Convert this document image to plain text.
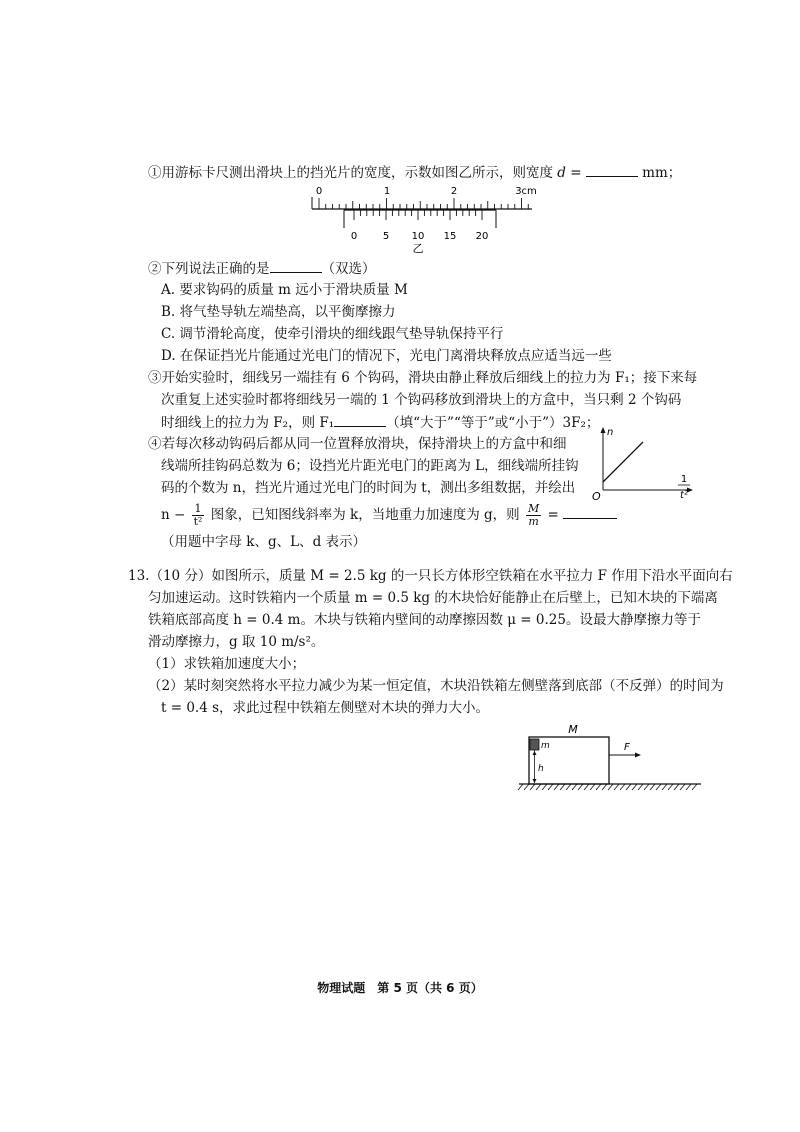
①用游标卡尺测出滑块上的挡光片的宽度，示数如图乙所示，则宽度 d =	mm；
0	1	2	3cm
0	5 10 15 20
乙
②下列说法正确的是	（双选）
A. 要求钩码的质量 m 远小于滑块质量 M
B. 将气垫导轨左端垫高，以平衡摩擦力
C. 调节滑轮高度，使牵引滑块的细线跟气垫导轨保持平行
D. 在保证挡光片能通过光电门的情况下，光电门离滑块释放点应适当远一些
③开始实验时，细线另一端挂有 6 个钩码，滑块由静止释放后细线上的拉力为 F₁；接下来每
次重复上述实验时都将细线另一端的 1 个钩码移放到滑块上的方盒中，当只剩 2 个钩码
时细线上的拉力为 F₂，则 F₁	（填“大于”“等于”或“小于”）3F₂；
④若每次移动钩码后都从同一位置释放滑块，保持滑块上的方盒中和细
线端所挂钩码总数为 6；设挡光片距光电门的距离为 L，细线端所挂钩
码的个数为 n，挡光片通过光电门的时间为 t，测出多组数据，并绘出
$n - \frac{1}{\text{t²}}$ 图象，已知图线斜率为 k，当地重力加速度为 g，则 $\frac{M}{m}$ =
（用题中字母 k、g、L、d 表示）
n
O
1
t²
13.（10 分）如图所示，质量 M = 2.5 kg 的一只长方体形空铁箱在水平拉力 F 作用下沿水平面向右
匀加速运动。这时铁箱内一个质量 m = 0.5 kg 的木块恰好能静止在后壁上，已知木块的下端离
铁箱底部高度 h = 0.4 m。木块与铁箱内壁间的动摩擦因数 μ = 0.25。设最大静摩擦力等于
滑动摩擦力，g 取 10 m/s²。
（1）求铁箱加速度大小；
（2）某时刻突然将水平拉力减少为某一恒定值，木块沿铁箱左侧壁落到底部（不反弹）的时间为
t = 0.4 s，求此过程中铁箱左侧壁对木块的弹力大小。
M
m	F
h
物理试题　第 5 页（共 6 页）
